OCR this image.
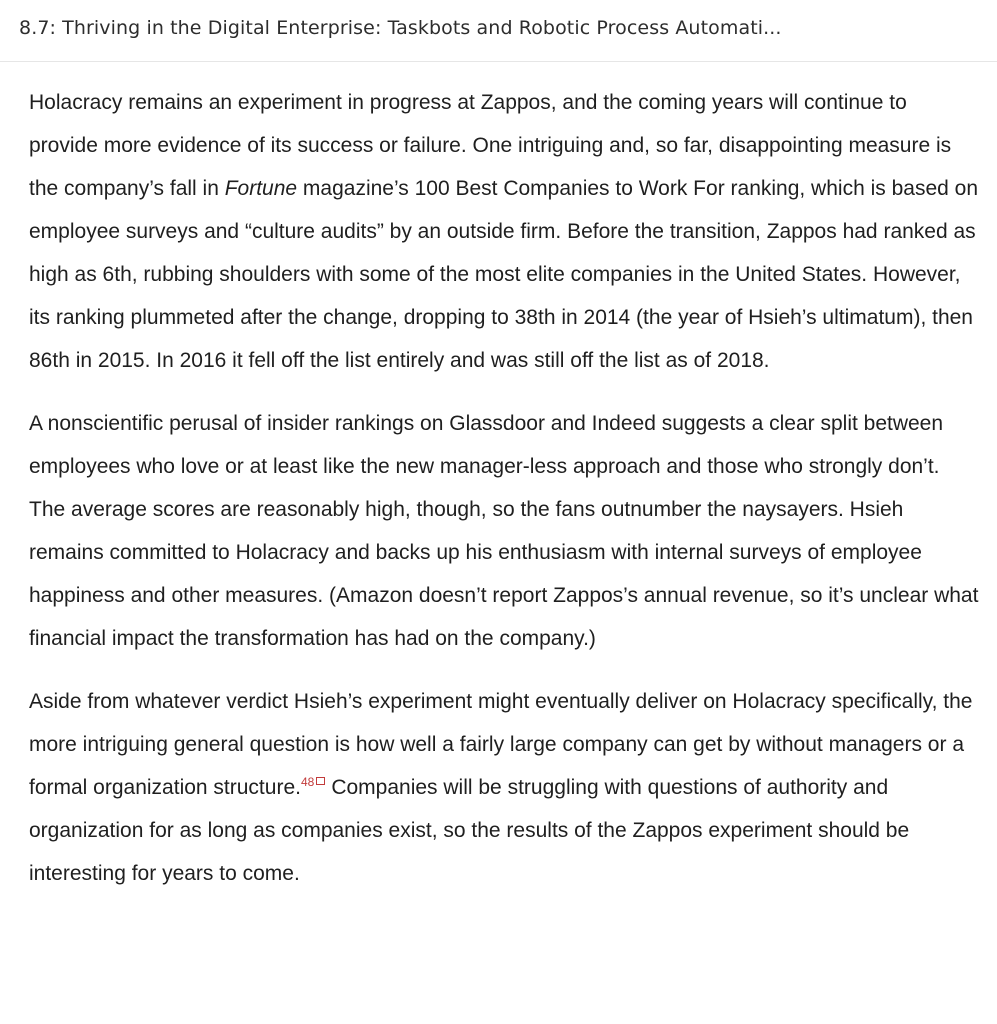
8.7: Thriving in the Digital Enterprise: Taskbots and Robotic Process Automati...

Holacracy remains an experiment in progress at Zappos, and the coming years will continue to provide more evidence of its success or failure. One intriguing and, so far, disappointing measure is the company’s fall in Fortune magazine’s 100 Best Companies to Work For ranking, which is based on employee surveys and “culture audits” by an outside firm. Before the transition, Zappos had ranked as high as 6th, rubbing shoulders with some of the most elite companies in the United States. However, its ranking plummeted after the change, dropping to 38th in 2014 (the year of Hsieh’s ultimatum), then 86th in 2015. In 2016 it fell off the list entirely and was still off the list as of 2018.

A nonscientific perusal of insider rankings on Glassdoor and Indeed suggests a clear split between employees who love or at least like the new manager-less approach and those who strongly don’t. The average scores are reasonably high, though, so the fans outnumber the naysayers. Hsieh remains committed to Holacracy and backs up his enthusiasm with internal surveys of employee happiness and other measures. (Amazon doesn’t report Zappos’s annual revenue, so it’s unclear what financial impact the transformation has had on the company.)

Aside from whatever verdict Hsieh’s experiment might eventually deliver on Holacracy specifically, the more intriguing general question is how well a fairly large company can get by without managers or a formal organization structure.$^{48}$ Companies will be struggling with questions of authority and organization for as long as companies exist, so the results of the Zappos experiment should be interesting for years to come.
